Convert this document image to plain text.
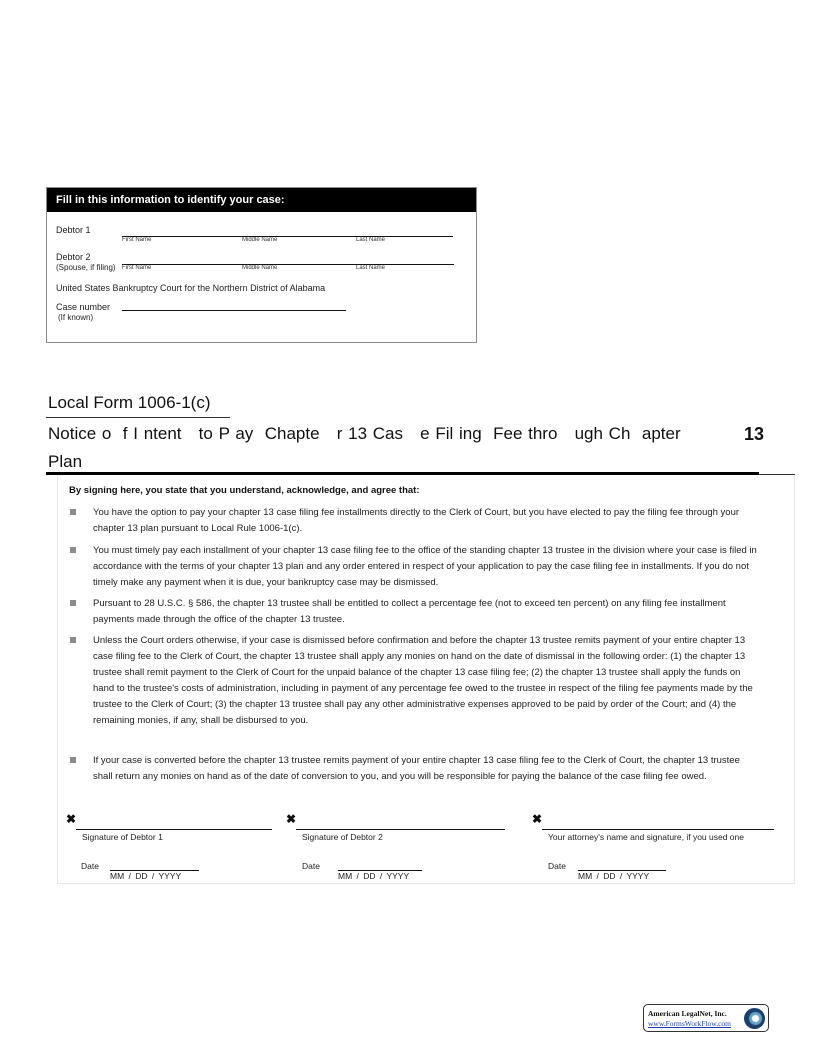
Fill in this information to identify your case:
Debtor 1
First Name	Middle Name	Last Name
Debtor 2
(Spouse, if filing) First Name	Middle Name	Last Name
United States Bankruptcy Court for the Northern District of Alabama
Case number
(If known)
Local Form 1006-1(c)
Notice o  f I ntent   to P ay  Chapte   r 13 Cas   e Fil ing  Fee thro   ugh Ch  apter
Plan
13
By signing here, you state that you understand, acknowledge, and agree that:
You have the option to pay your chapter 13 case filing fee installments directly to the Clerk of Court, but you have elected to pay the filing fee through your chapter 13 plan pursuant to Local Rule 1006-1(c).
You must timely pay each installment of your chapter 13 case filing fee to the office of the standing chapter 13 trustee in the division where your case is filed in accordance with the terms of your chapter 13 plan and any order entered in respect of your application to pay the case filing fee in installments. If you do not timely make any payment when it is due, your bankruptcy case may be dismissed.
Pursuant to 28 U.S.C. § 586, the chapter 13 trustee shall be entitled to collect a percentage fee (not to exceed ten percent) on any filing fee installment payments made through the office of the chapter 13 trustee.
Unless the Court orders otherwise, if your case is dismissed before confirmation and before the chapter 13 trustee remits payment of your entire chapter 13 case filing fee to the Clerk of Court, the chapter 13 trustee shall apply any monies on hand on the date of dismissal in the following order: (1) the chapter 13 trustee shall remit payment to the Clerk of Court for the unpaid balance of the chapter 13 case filing fee; (2) the chapter 13 trustee shall apply the funds on hand to the trustee's costs of administration, including in payment of any percentage fee owed to the trustee in respect of the filing fee payments made by the trustee to the Clerk of Court; (3) the chapter 13 trustee shall pay any other administrative expenses approved to be paid by order of the Court; and (4) the remaining monies, if any, shall be disbursed to you.
If your case is converted before the chapter 13 trustee remits payment of your entire chapter 13 case filing fee to the Clerk of Court, the chapter 13 trustee shall return any monies on hand as of the date of conversion to you, and you will be responsible for paying the balance of the case filing fee owed.
✖
Signature of Debtor 1
Date
MM / DD / YYYY
✖
Signature of Debtor 2
Date
MM / DD / YYYY
✖
Your attorney's name and signature, if you used one
Date
MM / DD / YYYY
American LegalNet, Inc.
www.FormsWorkFlow.com
